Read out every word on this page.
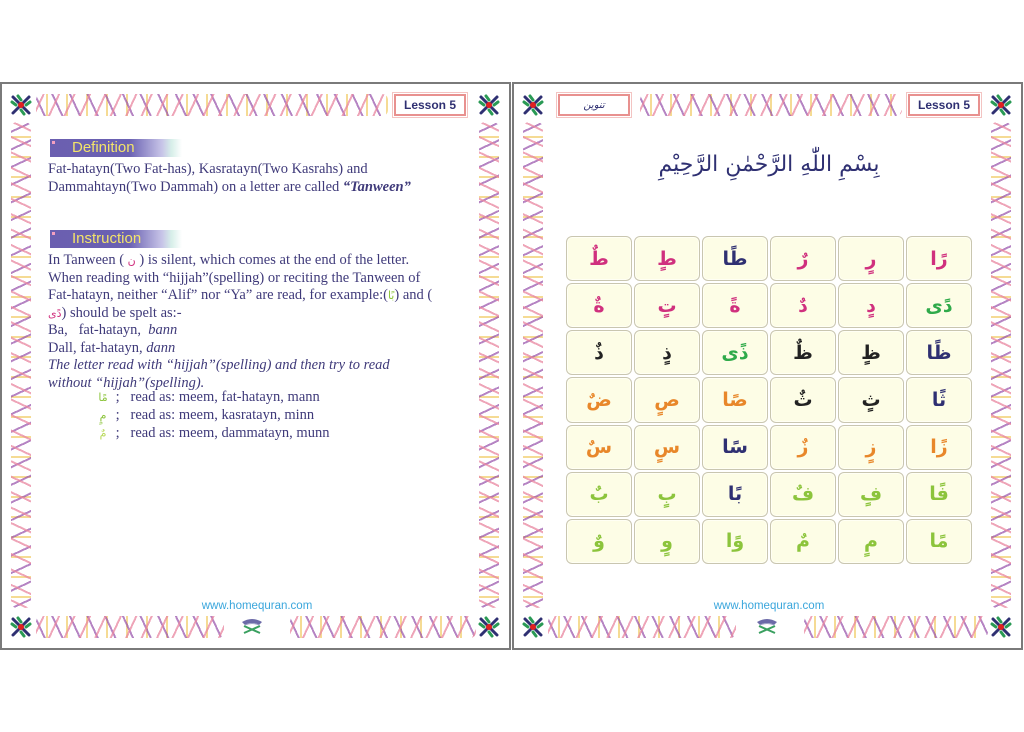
Lesson 5
Definition
Fat-hatayn(Two Fat-has), Kasratayn(Two Kasrahs) and
Dammahtayn(Two Dammah) on a letter are called “Tanween”
Instruction
In Tanween ( ن ) is silent, which comes at the end of the letter.
When reading with “hijjah”(spelling) or reciting the Tanween of
Fat-hatayn, neither “Alif” nor “Ya” are read, for example:(بًا) and (
دًى) should be spelt as:-
Ba,   fat-hatayn,  bann
Dall, fat-hatayn, dann
The letter read with “hijjah”(spelling) and then try to read
without “hijjah”(spelling).
مًا ; read as: meem, fat-hatayn, mann
مٍ ; read as: meem, kasratayn, minn
مٌ ; read as: meem, dammatayn, munn
www.homequran.com
تنوین	Lesson 5
بِسْمِ اللّٰهِ الرَّحْمٰنِ الرَّحِيْمِ
طٌ	طٍ	طًا	رٌ	رٍ	رًا
ةٌ	تٍ	ةً	دٌ	دٍ	دًى
ذٌ	ذٍ	ذًى	ظٌ	ظٍ	ظًا
ضٌ	صٍ	صًا	ثٌ	ثٍ	ثًا
سٌ	سٍ	سًا	زٌ	زٍ	زًا
بٌ	بٍ	بًا	فٌ	فٍ	فًا
وٌ	وٍ	وًا	مٌ	مٍ	مًا
www.homequran.com
